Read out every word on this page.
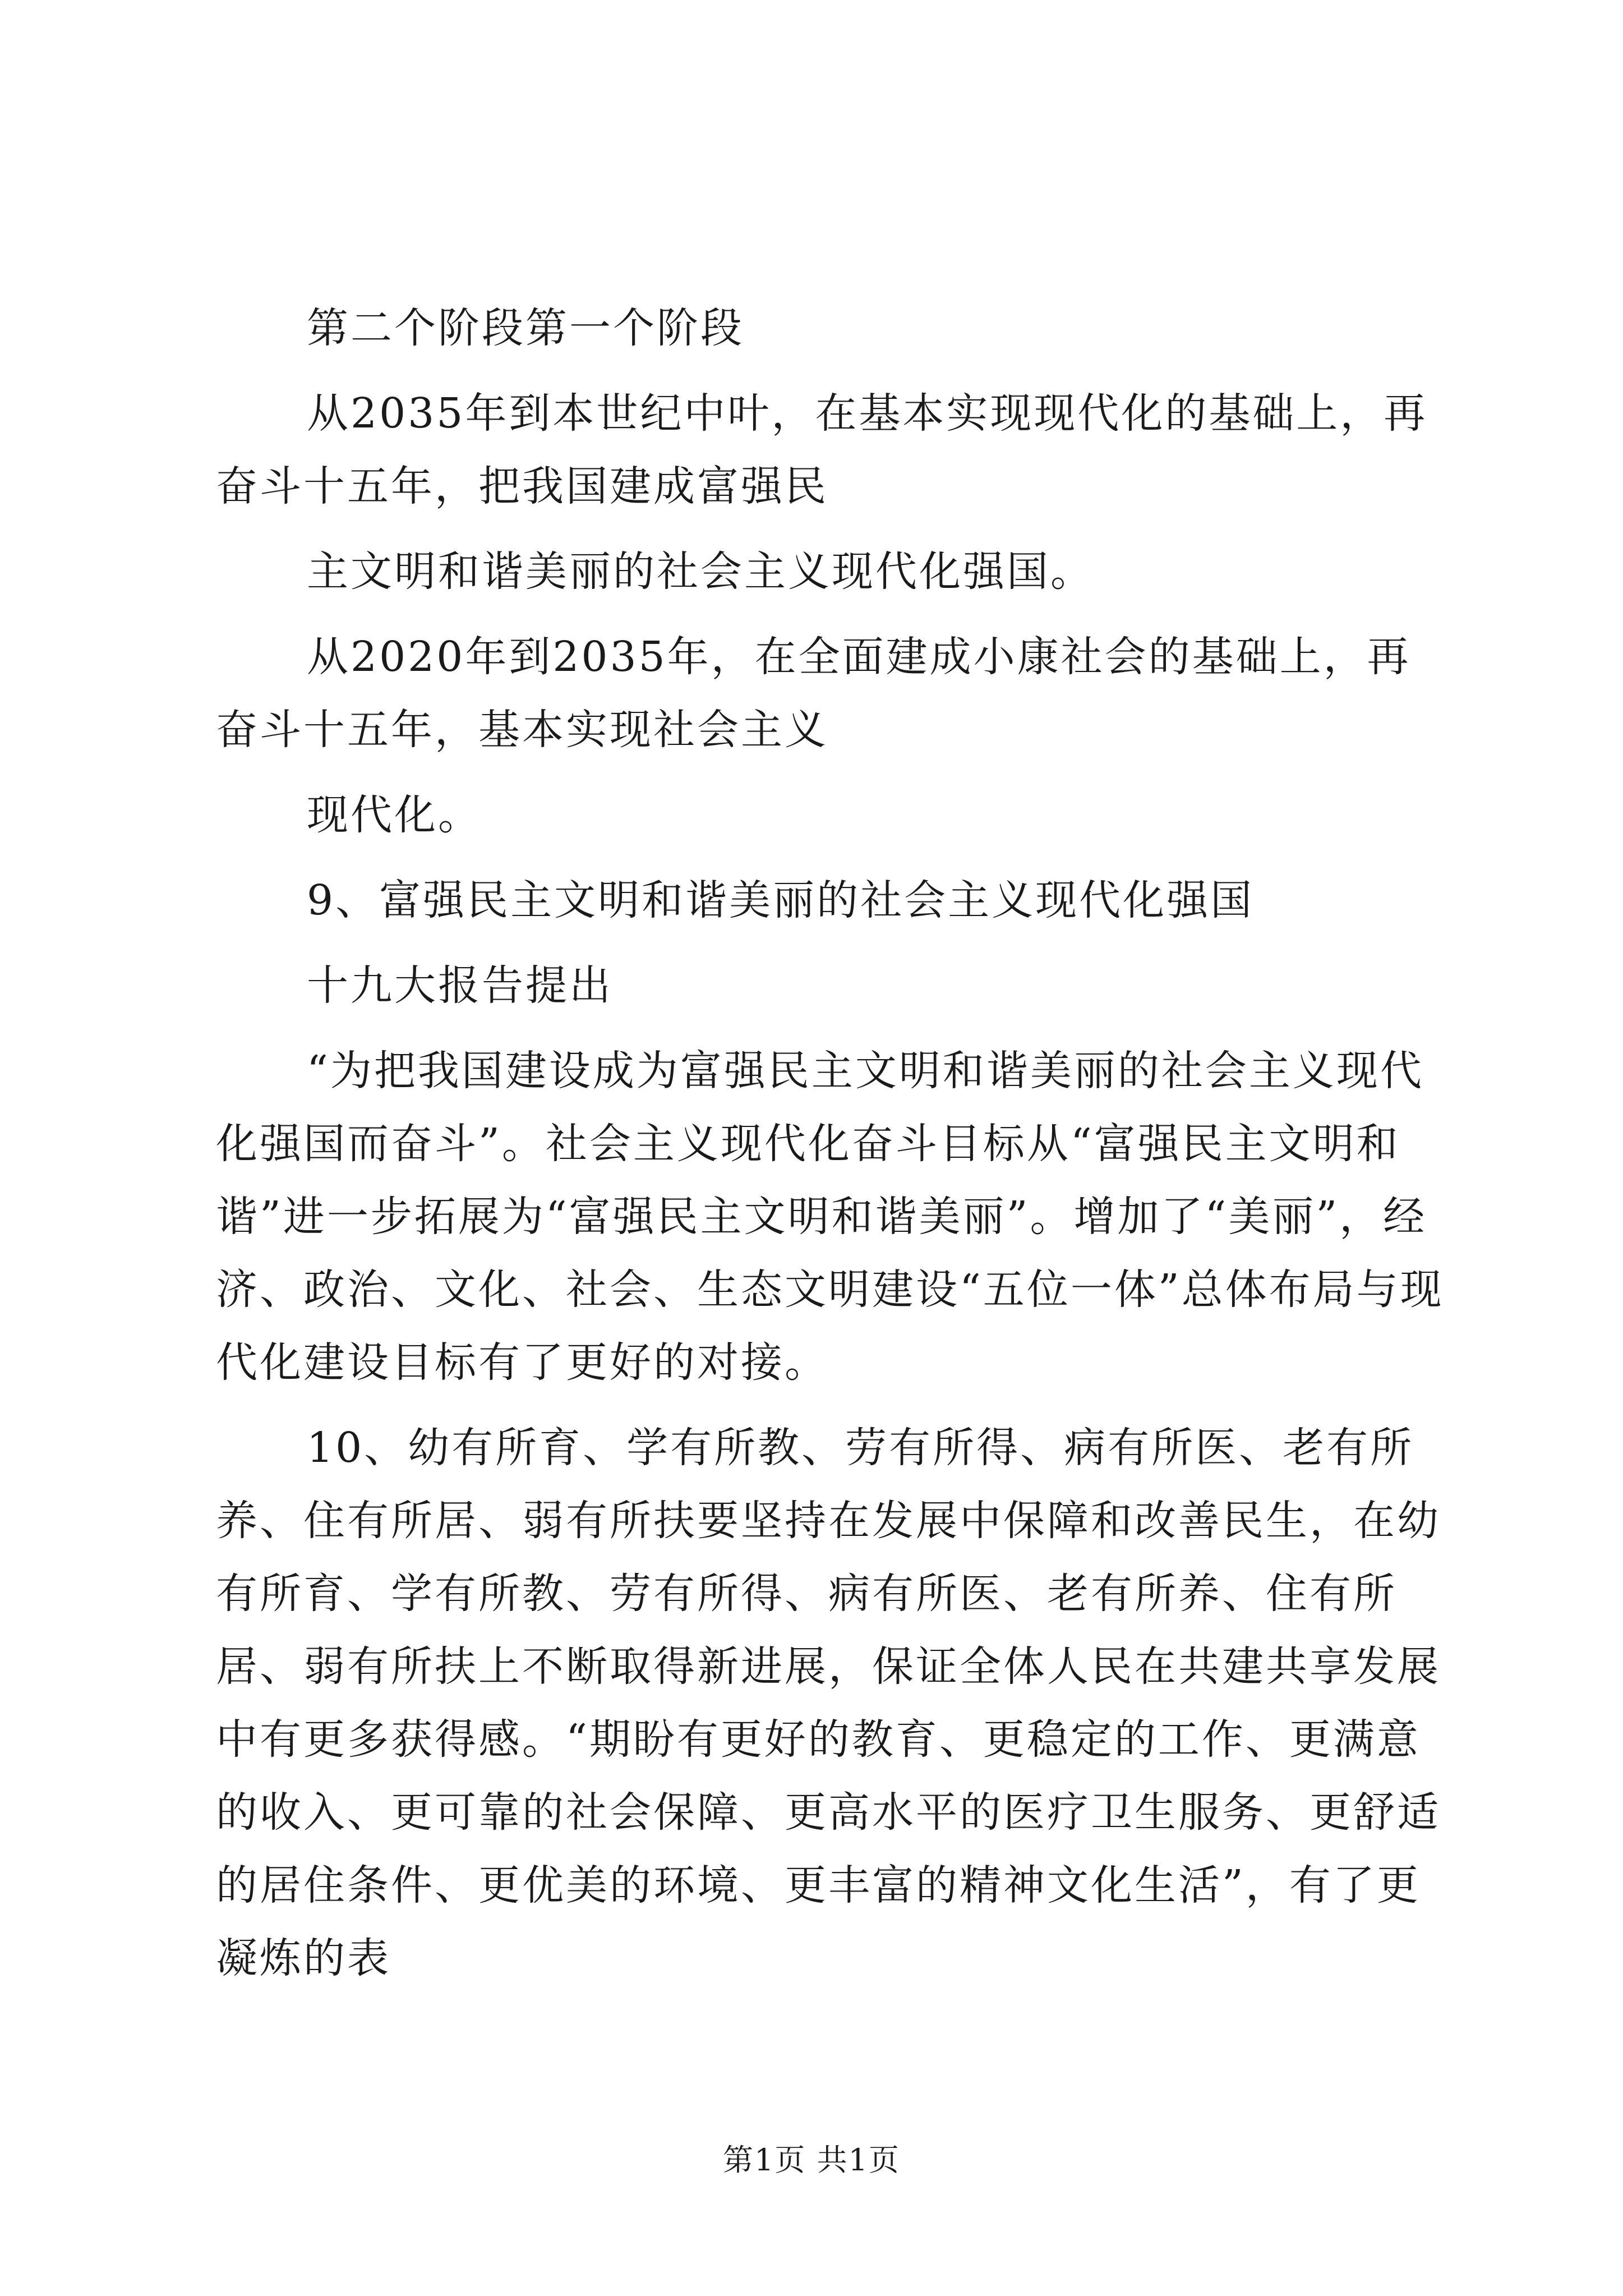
第二个阶段第一个阶段

从2035年到本世纪中叶，在基本实现现代化的基础上，再奋斗十五年，把我国建成富强民

主文明和谐美丽的社会主义现代化强国。

从2020年到2035年，在全面建成小康社会的基础上，再奋斗十五年，基本实现社会主义

现代化。

9、富强民主文明和谐美丽的社会主义现代化强国

十九大报告提出

“为把我国建设成为富强民主文明和谐美丽的社会主义现代化强国而奋斗”。社会主义现代化奋斗目标从“富强民主文明和谐”进一步拓展为“富强民主文明和谐美丽”。增加了“美丽”，经济、政治、文化、社会、生态文明建设“五位一体”总体布局与现代化建设目标有了更好的对接。

10、幼有所育、学有所教、劳有所得、病有所医、老有所养、住有所居、弱有所扶要坚持在发展中保障和改善民生，在幼有所育、学有所教、劳有所得、病有所医、老有所养、住有所居、弱有所扶上不断取得新进展，保证全体人民在共建共享发展中有更多获得感。“期盼有更好的教育、更稳定的工作、更满意的收入、更可靠的社会保障、更高水平的医疗卫生服务、更舒适的居住条件、更优美的环境、更丰富的精神文化生活”，有了更凝炼的表

第1页 共1页
